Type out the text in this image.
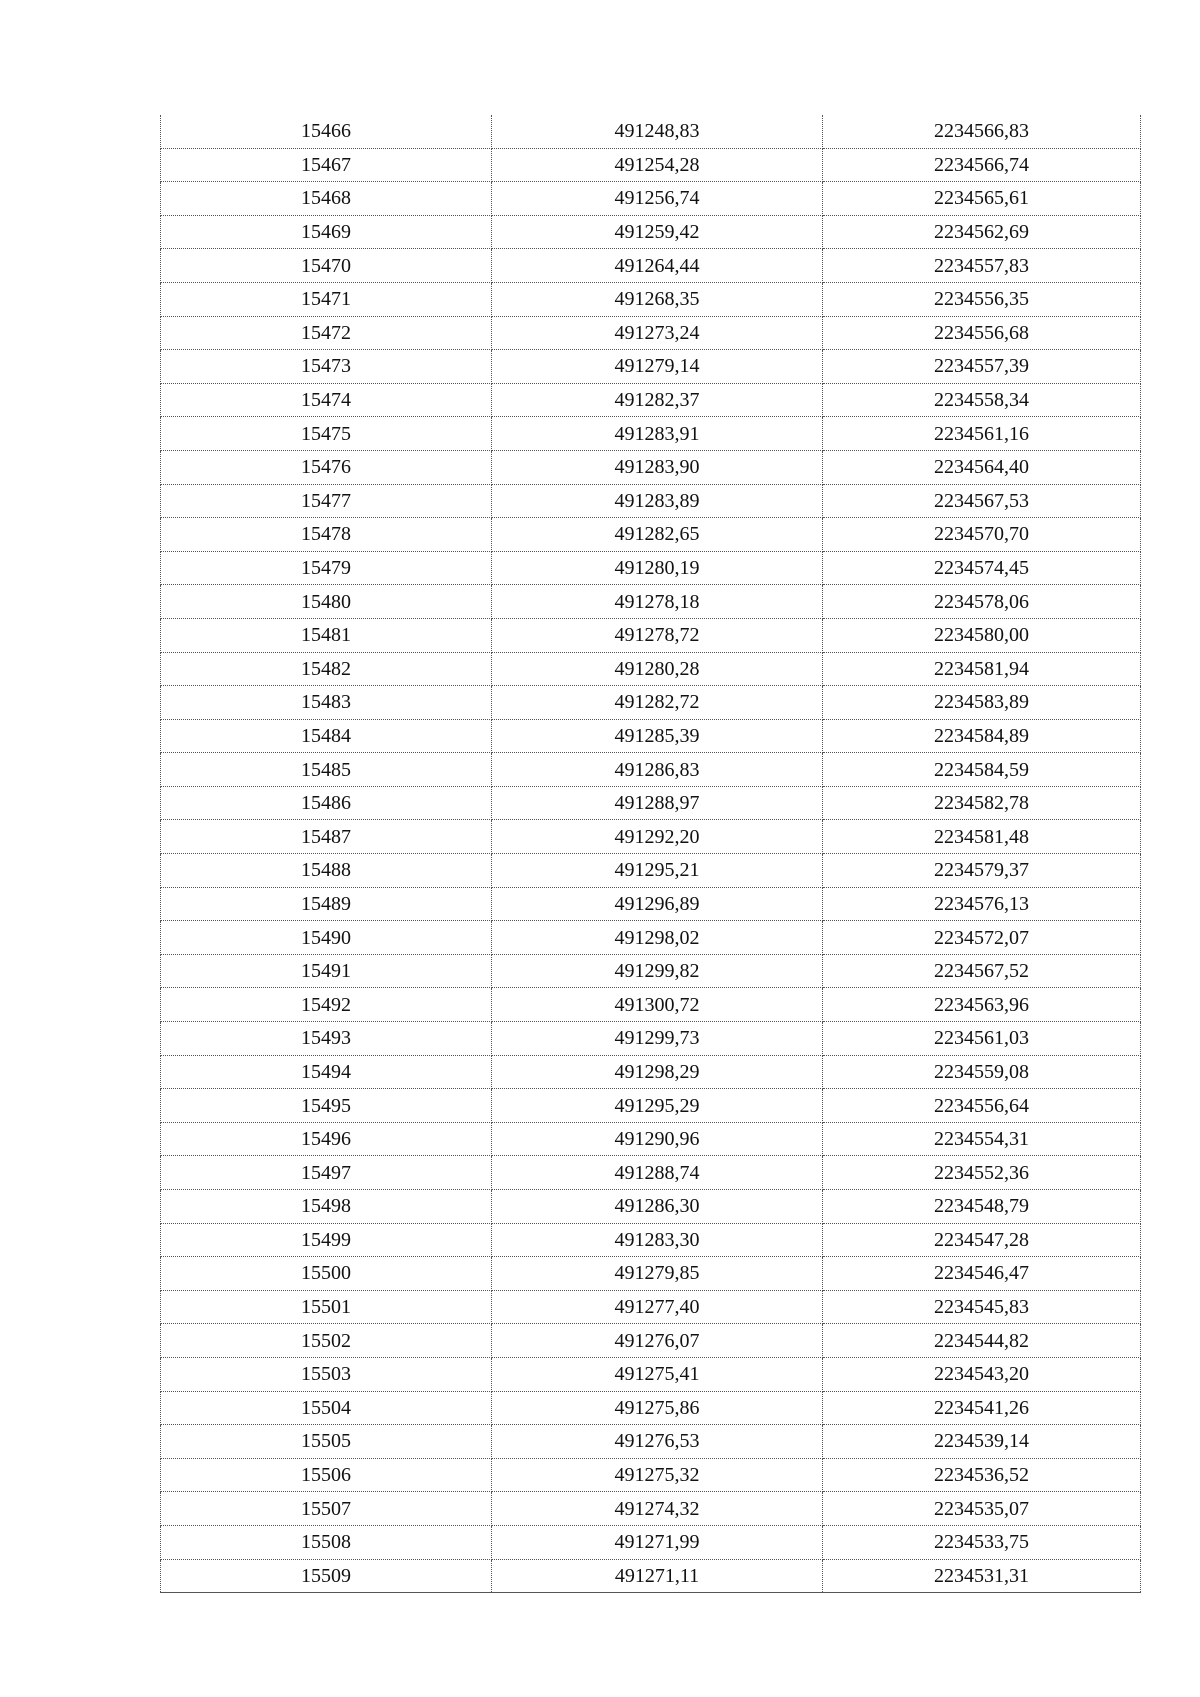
15466	491248,83	2234566,83
15467	491254,28	2234566,74
15468	491256,74	2234565,61
15469	491259,42	2234562,69
15470	491264,44	2234557,83
15471	491268,35	2234556,35
15472	491273,24	2234556,68
15473	491279,14	2234557,39
15474	491282,37	2234558,34
15475	491283,91	2234561,16
15476	491283,90	2234564,40
15477	491283,89	2234567,53
15478	491282,65	2234570,70
15479	491280,19	2234574,45
15480	491278,18	2234578,06
15481	491278,72	2234580,00
15482	491280,28	2234581,94
15483	491282,72	2234583,89
15484	491285,39	2234584,89
15485	491286,83	2234584,59
15486	491288,97	2234582,78
15487	491292,20	2234581,48
15488	491295,21	2234579,37
15489	491296,89	2234576,13
15490	491298,02	2234572,07
15491	491299,82	2234567,52
15492	491300,72	2234563,96
15493	491299,73	2234561,03
15494	491298,29	2234559,08
15495	491295,29	2234556,64
15496	491290,96	2234554,31
15497	491288,74	2234552,36
15498	491286,30	2234548,79
15499	491283,30	2234547,28
15500	491279,85	2234546,47
15501	491277,40	2234545,83
15502	491276,07	2234544,82
15503	491275,41	2234543,20
15504	491275,86	2234541,26
15505	491276,53	2234539,14
15506	491275,32	2234536,52
15507	491274,32	2234535,07
15508	491271,99	2234533,75
15509	491271,11	2234531,31
